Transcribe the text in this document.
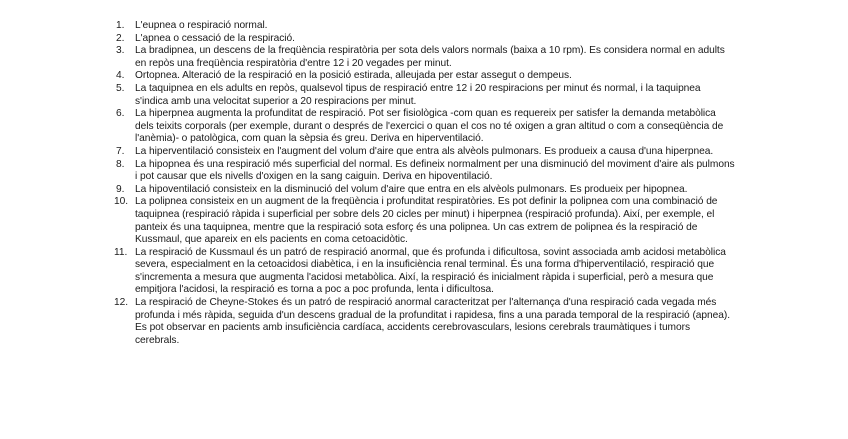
1.	L'eupnea o respiració normal.
2.	L'apnea o cessació de la respiració.
3.	La bradipnea, un descens de la freqüència respiratòria per sota dels valors normals (baixa a 10 rpm). Es considera normal en adults en repòs una freqüència respiratòria d'entre 12 i 20 vegades per minut.
4.	Ortopnea. Alteració de la respiració en la posició estirada, alleujada per estar assegut o dempeus.
5.	La taquipnea en els adults en repòs, qualsevol tipus de respiració entre 12 i 20 respiracions per minut és normal, i la taquipnea s'indica amb una velocitat superior a 20 respiracions per minut.
6.	La hiperpnea augmenta la profunditat de respiració. Pot ser fisiològica -com quan es requereix per satisfer la demanda metabòlica dels teixits corporals (per exemple, durant o després de l'exercici o quan el cos no té oxigen a gran altitud o com a conseqüència de l'anèmia)- o patològica, com quan la sèpsia és greu. Deriva en hiperventilació.
7.	La hiperventilació consisteix en l'augment del volum d'aire que entra als alvèols pulmonars. Es produeix a causa d'una hiperpnea.
8.	La hipopnea és una respiració més superficial del normal. Es defineix normalment per una disminució del moviment d'aire als pulmons i pot causar que els nivells d'oxigen en la sang caiguin. Deriva en hipoventilació.
9.	La hipoventilació consisteix en la disminució del volum d'aire que entra en els alvèols pulmonars. Es produeix per hipopnea.
10. La polipnea consisteix en un augment de la freqüència i profunditat respiratòries. Es pot definir la polipnea com una combinació de taquipnea (respiració ràpida i superficial per sobre dels 20 cicles per minut) i hiperpnea (respiració profunda). Així, per exemple, el panteix és una taquipnea, mentre que la respiració sota esforç és una polipnea. Un cas extrem de polipnea és la respiració de Kussmaul, que apareix en els pacients en coma cetoacidòtic.
11. La respiració de Kussmaul és un patró de respiració anormal, que és profunda i dificultosa, sovint associada amb acidosi metabòlica severa, especialment en la cetoacidosi diabètica, i en la insuficiència renal terminal. És una forma d'hiperventilació, respiració que s'incrementa a mesura que augmenta l'acidosi metabòlica. Així, la respiració és inicialment ràpida i superficial, però a mesura que empitjora l'acidosi, la respiració es torna a poc a poc profunda, lenta i dificultosa.
12. La respiració de Cheyne-Stokes és un patró de respiració anormal caracteritzat per l'alternança d'una respiració cada vegada més profunda i més ràpida, seguida d'un descens gradual de la profunditat i rapidesa, fins a una parada temporal de la respiració (apnea). Es pot observar en pacients amb insuficiència cardíaca, accidents cerebrovasculars, lesions cerebrals traumàtiques i tumors cerebrals.
